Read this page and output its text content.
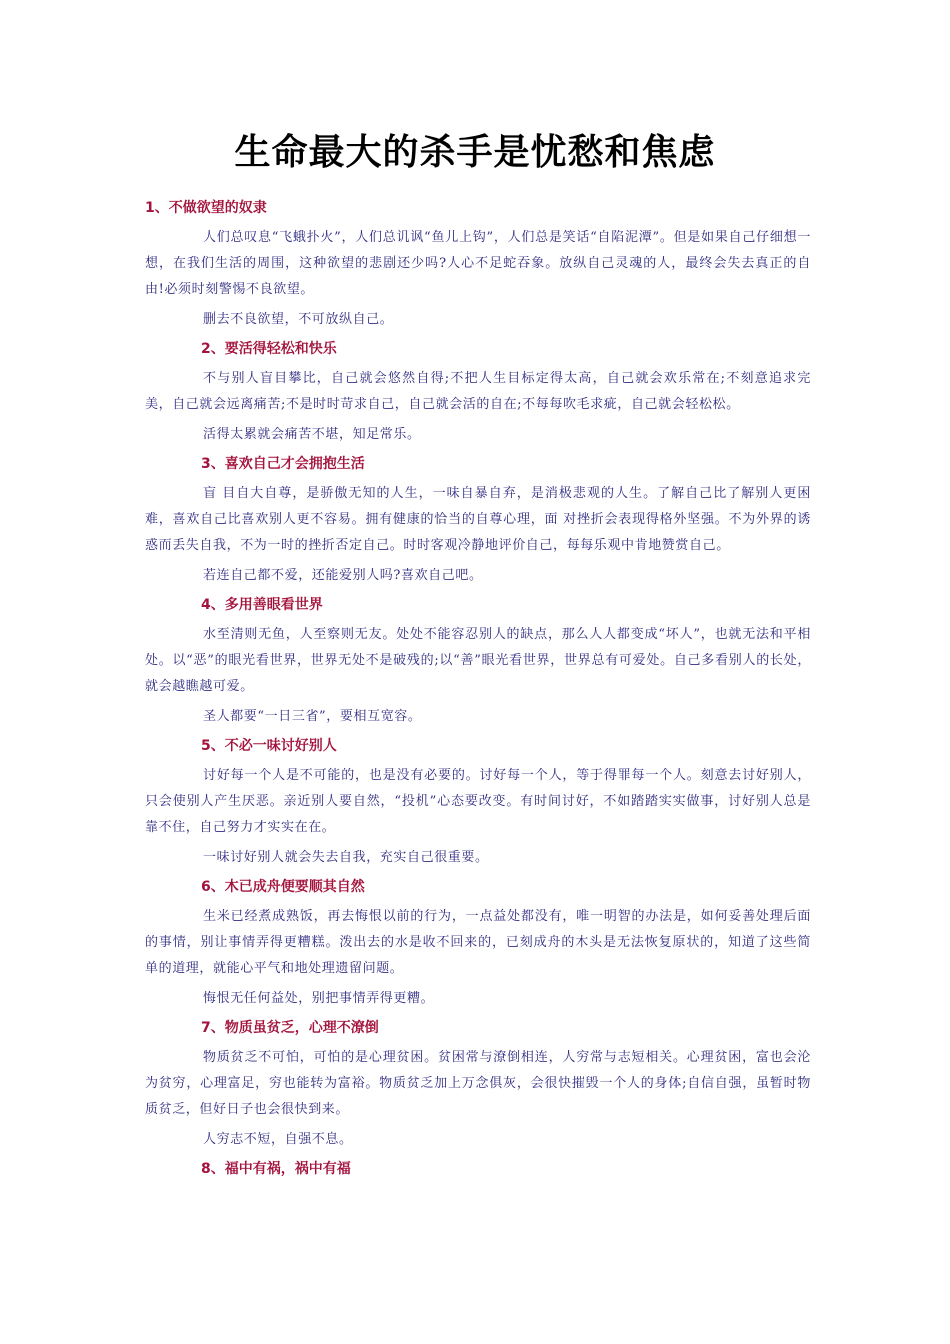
生命最大的杀手是忧愁和焦虑
1、不做欲望的奴隶

人们总叹息“飞蛾扑火”，人们总讥讽“鱼儿上钩”，人们总是笑话“自陷泥潭”。但是如果自己仔细想一想，在我们生活的周围，这种欲望的悲剧还少吗?人心不足蛇吞象。放纵自己灵魂的人，最终会失去真正的自由!必须时刻警惕不良欲望。

删去不良欲望，不可放纵自己。

2、要活得轻松和快乐

不与别人盲目攀比，自己就会悠然自得;不把人生目标定得太高，自己就会欢乐常在;不刻意追求完美，自己就会远离痛苦;不是时时苛求自己，自己就会活的自在;不每每吹毛求疵，自己就会轻松松。

活得太累就会痛苦不堪，知足常乐。

3、喜欢自己才会拥抱生活

盲 目自大自尊，是骄傲无知的人生，一味自暴自弃，是消极悲观的人生。了解自己比了解别人更困难，喜欢自己比喜欢别人更不容易。拥有健康的恰当的自尊心理，面 对挫折会表现得格外坚强。不为外界的诱惑而丢失自我，不为一时的挫折否定自己。时时客观冷静地评价自己，每每乐观中肯地赞赏自己。

若连自己都不爱，还能爱别人吗?喜欢自己吧。

4、多用善眼看世界

水至清则无鱼，人至察则无友。处处不能容忍别人的缺点，那么人人都变成“坏人”，也就无法和平相处。以“恶”的眼光看世界，世界无处不是破残的;以“善”眼光看世界，世界总有可爱处。自己多看别人的长处，就会越瞧越可爱。

圣人都要“一日三省”，要相互宽容。

5、不必一味讨好别人

讨好每一个人是不可能的，也是没有必要的。讨好每一个人，等于得罪每一个人。刻意去讨好别人，只会使别人产生厌恶。亲近别人要自然，“投机”心态要改变。有时间讨好，不如踏踏实实做事，讨好别人总是靠不住，自己努力才实实在在。

一味讨好别人就会失去自我，充实自己很重要。

6、木已成舟便要顺其自然

生米已经煮成熟饭，再去悔恨以前的行为，一点益处都没有，唯一明智的办法是，如何妥善处理后面的事情，别让事情弄得更糟糕。泼出去的水是收不回来的，已刻成舟的木头是无法恢复原状的，知道了这些简单的道理，就能心平气和地处理遗留问题。

悔恨无任何益处，别把事情弄得更糟。

7、物质虽贫乏，心理不潦倒

物质贫乏不可怕，可怕的是心理贫困。贫困常与潦倒相连，人穷常与志短相关。心理贫困，富也会沦为贫穷，心理富足，穷也能转为富裕。物质贫乏加上万念俱灰，会很快摧毁一个人的身体;自信自强，虽暂时物质贫乏，但好日子也会很快到来。

人穷志不短，自强不息。

8、福中有祸，祸中有福
